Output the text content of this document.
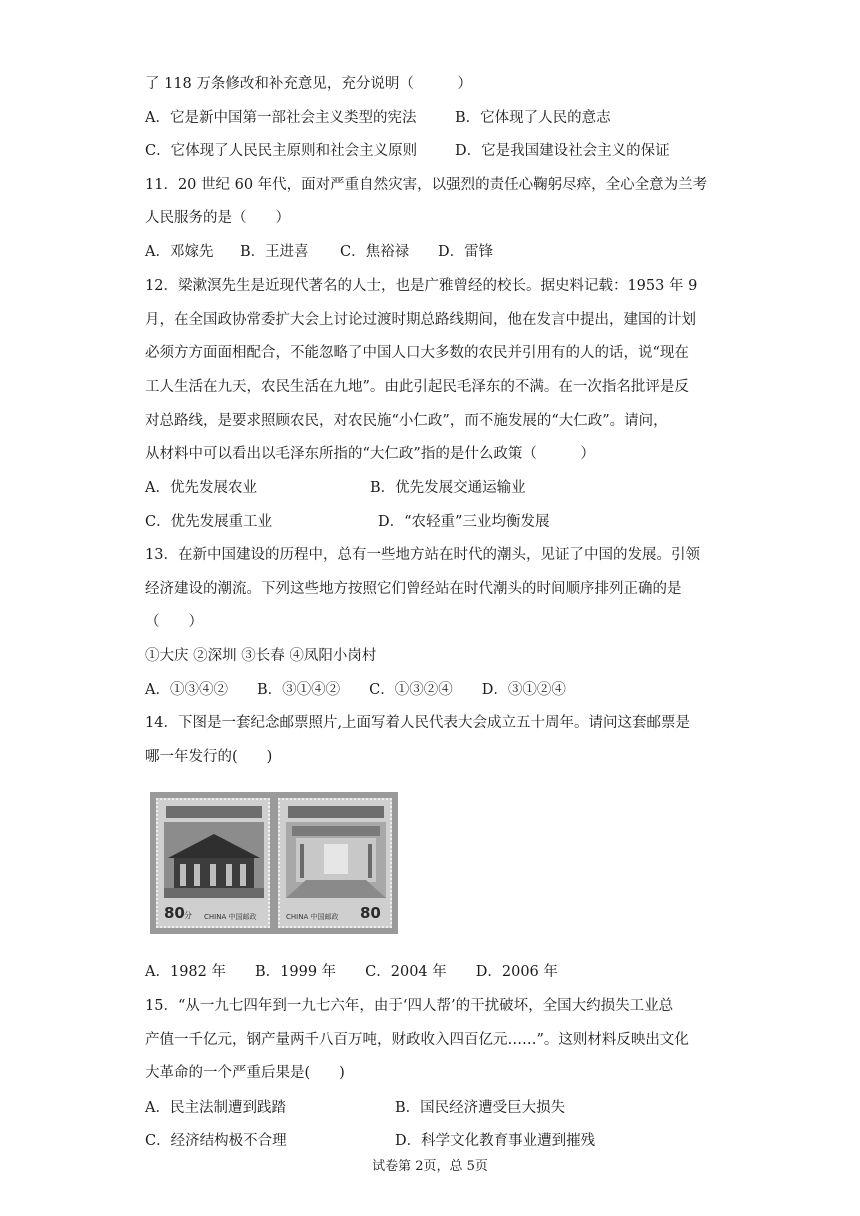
了 118 万条修改和补充意见，充分说明（　　　）
A．它是新中国第一部社会主义类型的宪法	B．它体现了人民的意志
C．它体现了人民民主原则和社会主义原则	D．它是我国建设社会主义的保证
11．20 世纪 60 年代，面对严重自然灾害，以强烈的责任心鞠躬尽瘁，全心全意为兰考
人民服务的是（　　）
A．邓嫁先 B．王进喜 C．焦裕禄 D．雷锋
12．梁漱溟先生是近现代著名的人士，也是广雅曾经的校长。据史料记载：1953 年 9
月，在全国政协常委扩大会上讨论过渡时期总路线期间，他在发言中提出，建国的计划
必须方方面面相配合，不能忽略了中国人口大多数的农民并引用有的人的话，说“现在
工人生活在九天，农民生活在九地”。由此引起民毛泽东的不满。在一次指名批评是反
对总路线，是要求照顾农民，对农民施“小仁政”，而不施发展的“大仁政”。请问，
从材料中可以看出以毛泽东所指的“大仁政”指的是什么政策（　　　）
A．优先发展农业	B．优先发展交通运输业
C．优先发展重工业	D．“农轻重”三业均衡发展
13．在新中国建设的历程中，总有一些地方站在时代的潮头，见证了中国的发展。引领
经济建设的潮流。下列这些地方按照它们曾经站在时代潮头的时间顺序排列正确的是
（　　）
①大庆 ②深圳 ③长春 ④凤阳小岗村
A．①③④②　　B．③①④②　　C．①③②④　　D．③①②④
14．下图是一套纪念邮票照片,上面写着人民代表大会成立五十周年。请问这套邮票是
哪一年发行的(　　)
80 分 CHINA 中国邮政	CHINA 中国邮政 80
A．1982 年　　B．1999 年　　C．2004 年　　D．2006 年
15．“从一九七四年到一九七六年，由于‘四人帮’的干扰破坏，全国大约损失工业总
产值一千亿元，钢产量两千八百万吨，财政收入四百亿元……”。这则材料反映出文化
大革命的一个严重后果是(　　)
A．民主法制遭到践踏	B．国民经济遭受巨大损失
C．经济结构极不合理	D．科学文化教育事业遭到摧残
试卷第 2页，总 5页
